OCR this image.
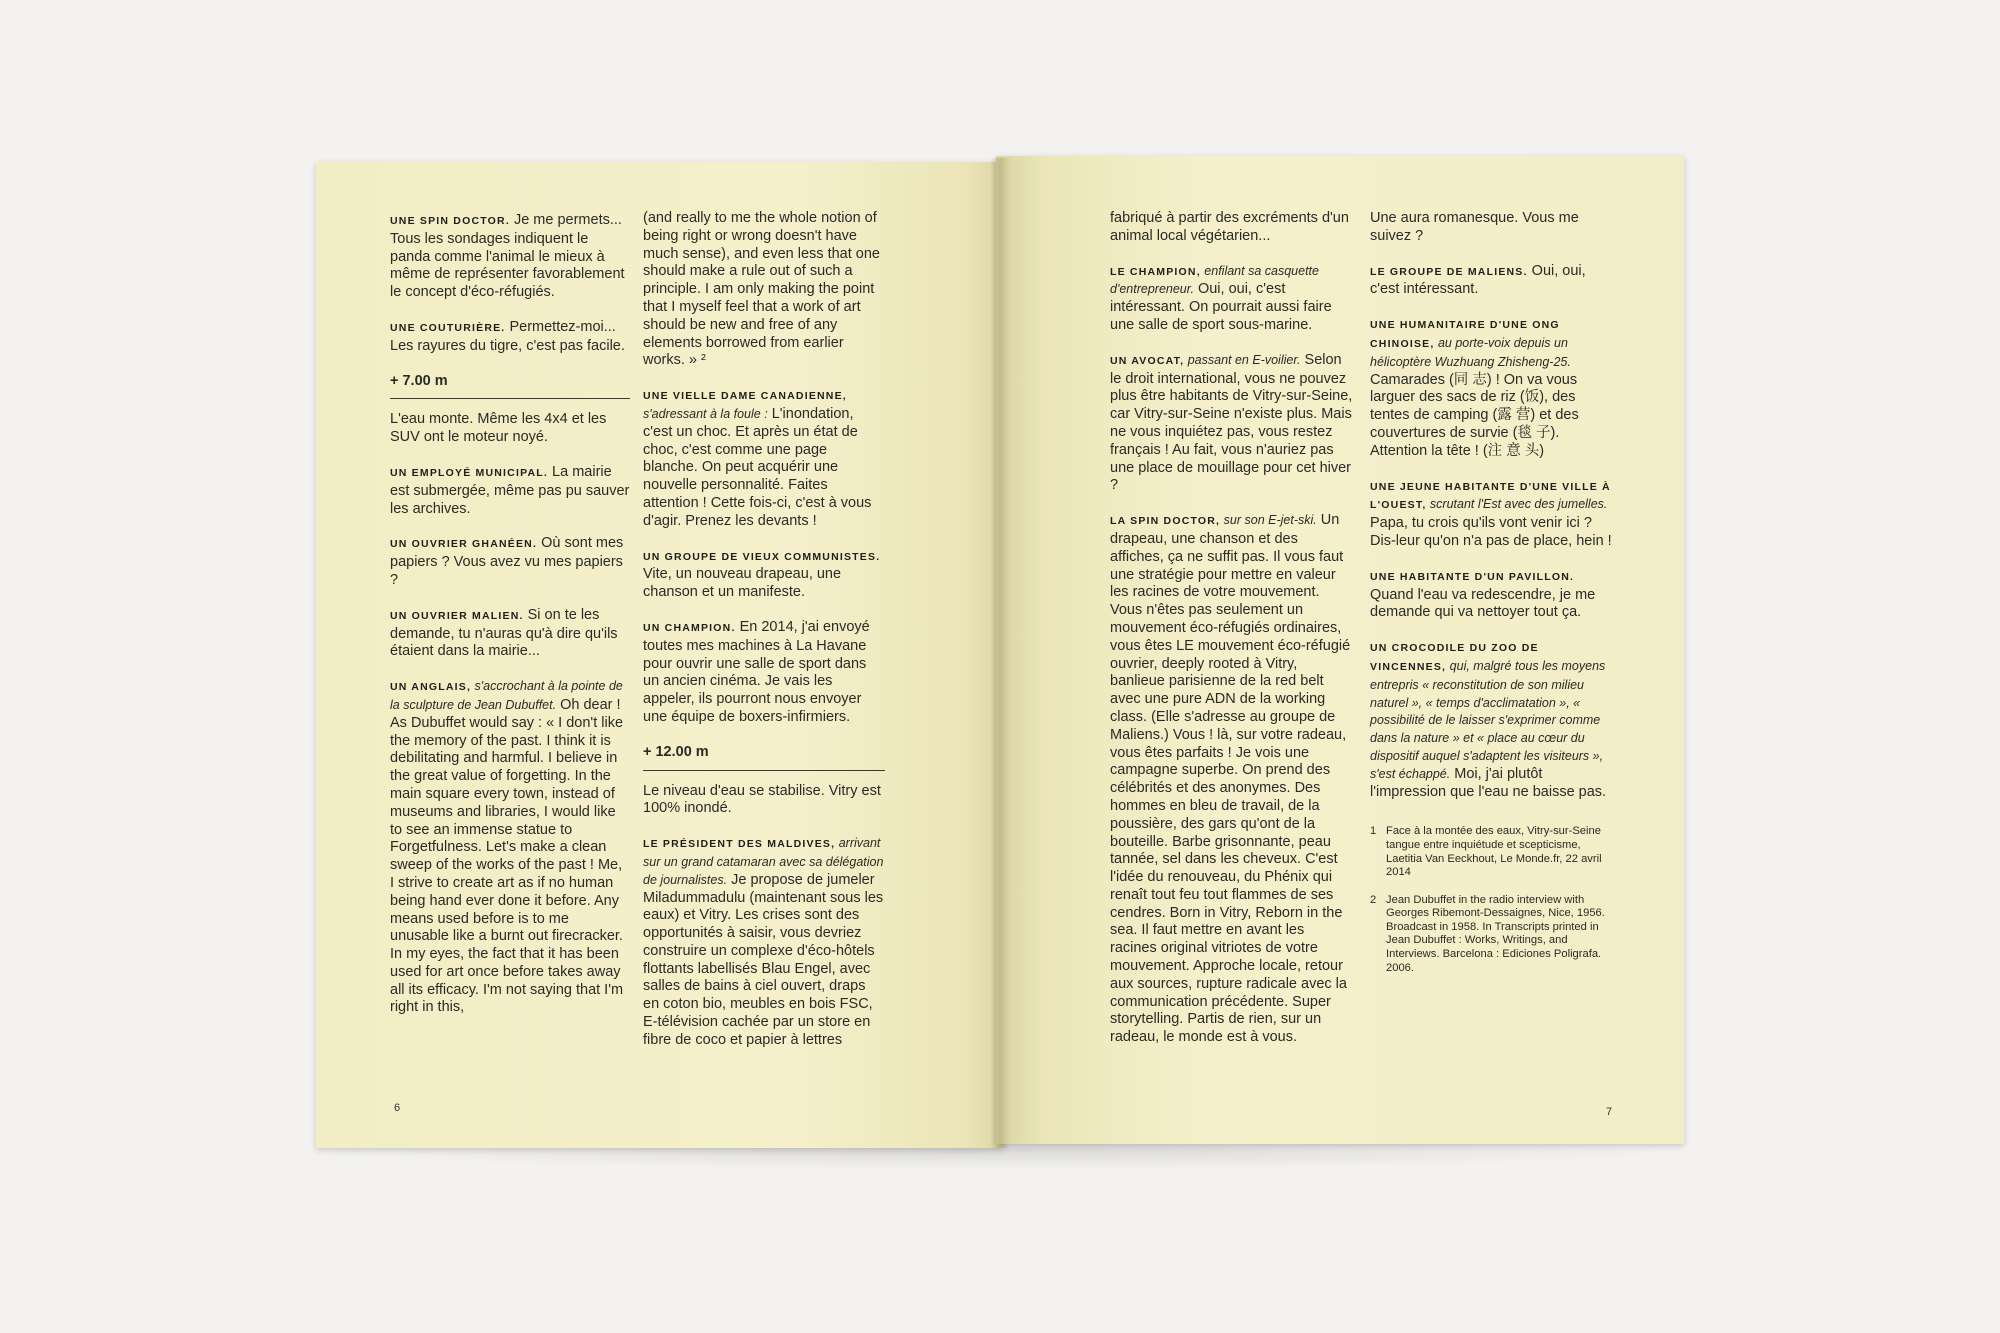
UNE SPIN DOCTOR. Je me permets... Tous les sondages indiquent le panda comme l'animal le mieux à même de représenter favorablement le concept d'éco-réfugiés.
UNE COUTURIÈRE. Permettez-moi... Les rayures du tigre, c'est pas facile.
+ 7.00 m
L'eau monte. Même les 4x4 et les SUV ont le moteur noyé.
UN EMPLOYÉ MUNICIPAL. La mairie est submergée, même pas pu sauver les archives.
UN OUVRIER GHANÉEN. Où sont mes papiers ? Vous avez vu mes papiers ?
UN OUVRIER MALIEN. Si on te les demande, tu n'auras qu'à dire qu'ils étaient dans la mairie...
UN ANGLAIS, s'accrochant à la pointe de la sculpture de Jean Dubuffet. Oh dear ! As Dubuffet would say : « I don't like the memory of the past. I think it is debilitating and harmful. I believe in the great value of forgetting. In the main square every town, instead of museums and libraries, I would like to see an immense statue to Forgetfulness. Let's make a clean sweep of the works of the past ! Me, I strive to create art as if no human being hand ever done it before. Any means used before is to me unusable like a burnt out firecracker. In my eyes, the fact that it has been used for art once before takes away all its efficacy. I'm not saying that I'm right in this,
(and really to me the whole notion of being right or wrong doesn't have much sense), and even less that one should make a rule out of such a principle. I am only making the point that I myself feel that a work of art should be new and free of any elements borrowed from earlier works. » ²
UNE VIELLE DAME CANADIENNE, s'adressant à la foule : L'inondation, c'est un choc. Et après un état de choc, c'est comme une page blanche. On peut acquérir une nouvelle personnalité. Faites attention ! Cette fois-ci, c'est à vous d'agir. Prenez les devants !
UN GROUPE DE VIEUX COMMUNISTES. Vite, un nouveau drapeau, une chanson et un manifeste.
UN CHAMPION. En 2014, j'ai envoyé toutes mes machines à La Havane pour ouvrir une salle de sport dans un ancien cinéma. Je vais les appeler, ils pourront nous envoyer une équipe de boxers-infirmiers.
+ 12.00 m
Le niveau d'eau se stabilise. Vitry est 100% inondé.
LE PRÉSIDENT DES MALDIVES, arrivant sur un grand catamaran avec sa délégation de journalistes. Je propose de jumeler Miladummadulu (maintenant sous les eaux) et Vitry. Les crises sont des opportunités à saisir, vous devriez construire un complexe d'éco-hôtels flottants labellisés Blau Engel, avec salles de bains à ciel ouvert, draps en coton bio, meubles en bois FSC, E-télévision cachée par un store en fibre de coco et papier à lettres
6
fabriqué à partir des excréments d'un animal local végétarien...
LE CHAMPION, enfilant sa casquette d'entrepreneur. Oui, oui, c'est intéressant. On pourrait aussi faire une salle de sport sous-marine.
UN AVOCAT, passant en E-voilier. Selon le droit international, vous ne pouvez plus être habitants de Vitry-sur-Seine, car Vitry-sur-Seine n'existe plus. Mais ne vous inquiétez pas, vous restez français ! Au fait, vous n'auriez pas une place de mouillage pour cet hiver ?
LA SPIN DOCTOR, sur son E-jet-ski. Un drapeau, une chanson et des affiches, ça ne suffit pas. Il vous faut une stratégie pour mettre en valeur les racines de votre mouvement. Vous n'êtes pas seulement un mouvement éco-réfugiés ordinaires, vous êtes LE mouvement éco-réfugié ouvrier, deeply rooted à Vitry, banlieue parisienne de la red belt avec une pure ADN de la working class. (Elle s'adresse au groupe de Maliens.) Vous ! là, sur votre radeau, vous êtes parfaits ! Je vois une campagne superbe. On prend des célébrités et des anonymes. Des hommes en bleu de travail, de la poussière, des gars qu'ont de la bouteille. Barbe grisonnante, peau tannée, sel dans les cheveux. C'est l'idée du renouveau, du Phénix qui renaît tout feu tout flammes de ses cendres. Born in Vitry, Reborn in the sea. Il faut mettre en avant les racines original vitriotes de votre mouvement. Approche locale, retour aux sources, rupture radicale avec la communication précédente. Super storytelling. Partis de rien, sur un radeau, le monde est à vous.
Une aura romanesque. Vous me suivez ?
LE GROUPE DE MALIENS. Oui, oui, c'est intéressant.
UNE HUMANITAIRE D'UNE ONG CHINOISE, au porte-voix depuis un hélicoptère Wuzhuang Zhisheng-25. Camarades (同 志) ! On va vous larguer des sacs de riz (饭), des tentes de camping (露 营) et des couvertures de survie (毯 子). Attention la tête ! (注 意 头)
UNE JEUNE HABITANTE D'UNE VILLE À L'OUEST, scrutant l'Est avec des jumelles. Papa, tu crois qu'ils vont venir ici ? Dis-leur qu'on n'a pas de place, hein !
UNE HABITANTE D'UN PAVILLON. Quand l'eau va redescendre, je me demande qui va nettoyer tout ça.
UN CROCODILE DU ZOO DE VINCENNES, qui, malgré tous les moyens entrepris « reconstitution de son milieu naturel », « temps d'acclimatation », « possibilité de le laisser s'exprimer comme dans la nature » et « place au cœur du dispositif auquel s'adaptent les visiteurs », s'est échappé. Moi, j'ai plutôt l'impression que l'eau ne baisse pas.
1 Face à la montée des eaux, Vitry-sur-Seine tangue entre inquiétude et scepticisme, Laetitia Van Eeckhout, Le Monde.fr, 22 avril 2014
2 Jean Dubuffet in the radio interview with Georges Ribemont-Dessaignes, Nice, 1956. Broadcast in 1958. In Transcripts printed in Jean Dubuffet : Works, Writings, and Interviews. Barcelona : Ediciones Poligrafa. 2006.
7
